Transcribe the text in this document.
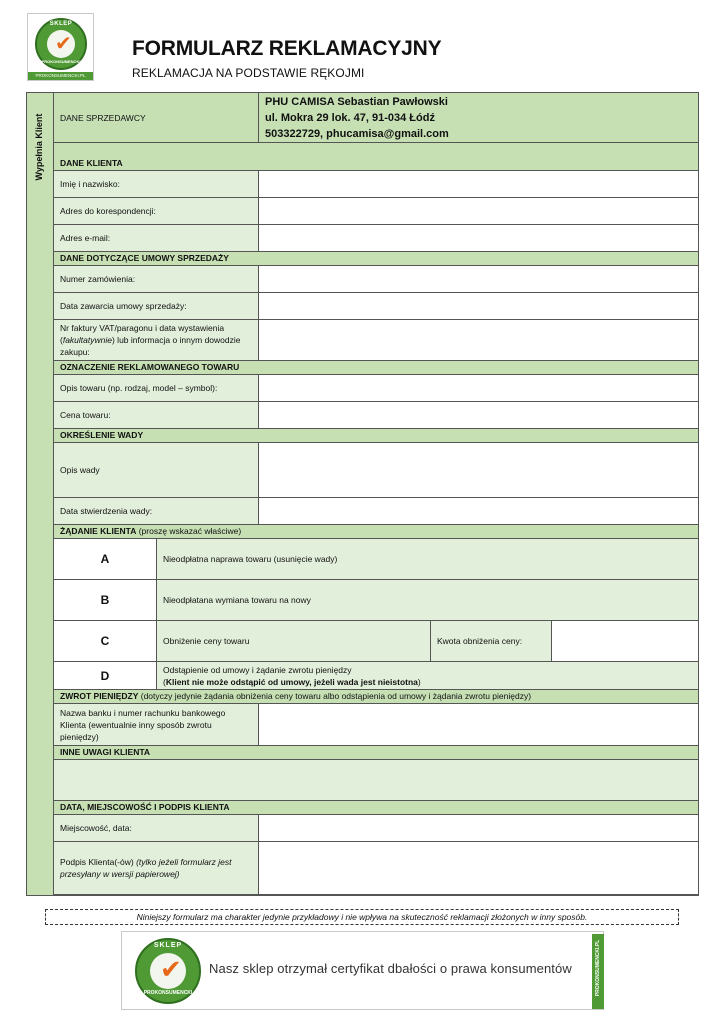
SKLEP
✔
PROKONSUMENCKI
PROKONSUMENCKI.PL
FORMULARZ REKLAMACYJNY
REKLAMACJA NA PODSTAWIE RĘKOJMI
Wypełnia Klient	DANE SPRZEDAWCY
PHU CAMISA Sebastian Pawłowski
ul. Mokra 29 lok. 47, 91-034 Łódź
503322729, phucamisa@gmail.com
DANE KLIENTA
Imię i nazwisko:
Adres do korespondencji:
Adres e-mail:
DANE DOTYCZĄCE UMOWY SPRZEDAŻY
Numer zamówienia:
Data zawarcia umowy sprzedaży:
Nr faktury VAT/paragonu i data wystawienia (fakultatywnie) lub informacja o innym dowodzie zakupu:
OZNACZENIE REKLAMOWANEGO TOWARU
Opis towaru (np. rodzaj, model – symbol):
Cena towaru:
OKREŚLENIE WADY
Opis wady
Data stwierdzenia wady:
ŻĄDANIE KLIENTA (proszę wskazać właściwe)
A	Nieodpłatna naprawa towaru (usunięcie wady)
B	Nieodpłatana wymiana towaru na nowy
C	Obniżenie ceny towaru	Kwota obniżenia ceny:
D	Odstąpienie od umowy i żądanie zwrotu pieniędzy
(Klient nie może odstąpić od umowy, jeżeli wada jest nieistotna)
ZWROT PIENIĘDZY (dotyczy jedynie żądania obniżenia ceny towaru albo odstąpienia od umowy i żądania zwrotu pieniędzy)
Nazwa banku i numer rachunku bankowego Klienta (ewentualnie inny sposób zwrotu pieniędzy)
INNE UWAGI KLIENTA
DATA, MIEJSCOWOŚĆ I PODPIS KLIENTA
Miejscowość, data:
Podpis Klienta(-ów) (tylko jeżeli formularz jest przesyłany w wersji papierowej)
Niniejszy formularz ma charakter jedynie przykładowy i nie wpływa na skuteczność reklamacji złożonych w inny sposób.
SKLEP
✔
PROKONSUMENCKI
Nasz sklep otrzymał certyfikat dbałości o prawa konsumentów	PROKONSUMENCKI.PL
